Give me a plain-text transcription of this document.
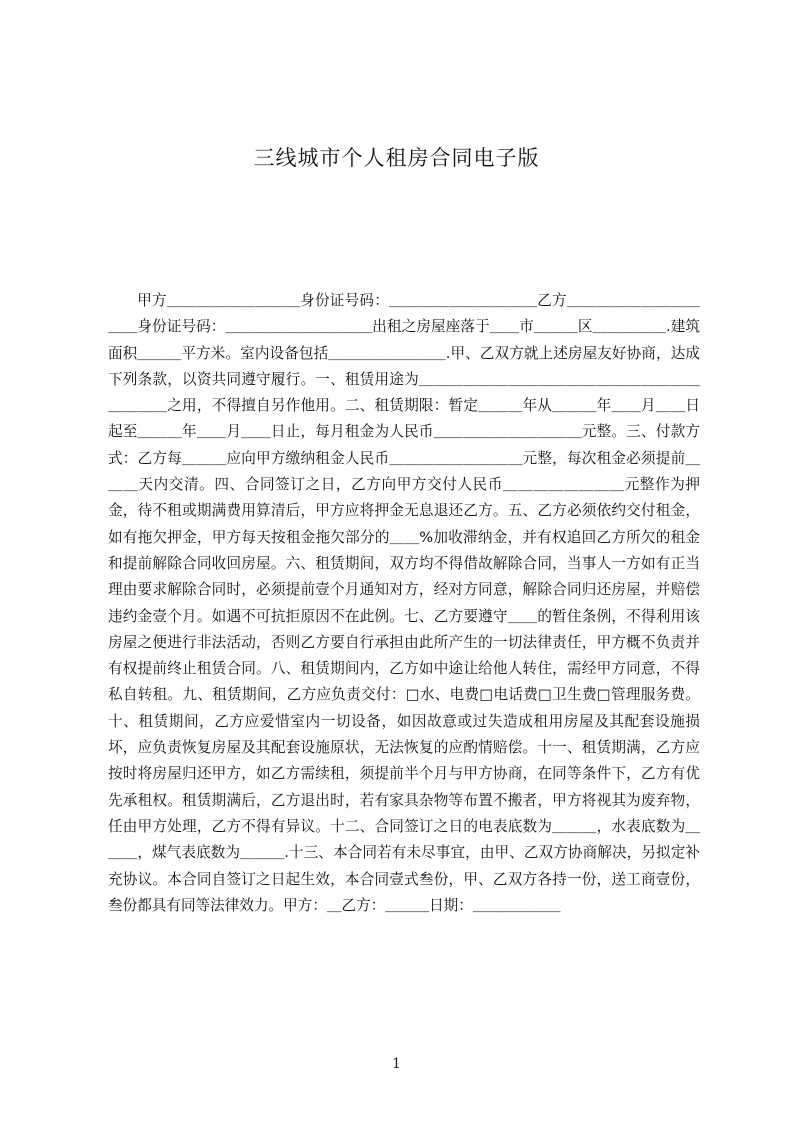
三线城市个人租房合同电子版
甲方＿＿＿＿＿＿＿＿＿身份证号码：＿＿＿＿＿＿＿＿＿＿乙方＿＿＿＿＿＿＿＿＿＿＿身份证号码：＿＿＿＿＿＿＿＿＿＿出租之房屋座落于＿＿市＿＿＿区＿＿＿＿＿.建筑面积＿＿＿平方米。室内设备包括＿＿＿＿＿＿＿＿.甲、乙双方就上述房屋友好协商，达成下列条款，以资共同遵守履行。一、租赁用途为＿＿＿＿＿＿＿＿＿＿＿＿＿＿＿＿＿＿＿＿＿＿＿之用，不得擅自另作他用。二、租赁期限：暂定＿＿＿年从＿＿＿年＿＿月＿＿日起至＿＿＿年＿＿月＿＿日止，每月租金为人民币＿＿＿＿＿＿＿＿＿＿元整。三、付款方式：乙方每＿＿＿应向甲方缴纳租金人民币＿＿＿＿＿＿＿＿＿元整，每次租金必须提前＿＿＿天内交清。四、合同签订之日，乙方向甲方交付人民币＿＿＿＿＿＿＿＿元整作为押金，待不租或期满费用算清后，甲方应将押金无息退还乙方。五、乙方必须依约交付租金，如有拖欠押金，甲方每天按租金拖欠部分的＿＿%加收滞纳金，并有权追回乙方所欠的租金和提前解除合同收回房屋。六、租赁期间，双方均不得借故解除合同，当事人一方如有正当理由要求解除合同时，必须提前壹个月通知对方，经对方同意，解除合同归还房屋，并赔偿违约金壹个月。如遇不可抗拒原因不在此例。七、乙方要遵守＿＿的暂住条例，不得利用该房屋之便进行非法活动，否则乙方要自行承担由此所产生的一切法律责任，甲方概不负责并有权提前终止租赁合同。八、租赁期间内，乙方如中途让给他人转住，需经甲方同意，不得私自转租。九、租赁期间，乙方应负责交付：□水、电费□电话费□卫生费□管理服务费。十、租赁期间，乙方应爱惜室内一切设备，如因故意或过失造成租用房屋及其配套设施损坏，应负责恢复房屋及其配套设施原状，无法恢复的应酌情赔偿。十一、租赁期满，乙方应按时将房屋归还甲方，如乙方需续租，须提前半个月与甲方协商，在同等条件下，乙方有优先承租权。租赁期满后，乙方退出时，若有家具杂物等布置不搬者，甲方将视其为废弃物，任由甲方处理，乙方不得有异议。十二、合同签订之日的电表底数为＿＿＿，水表底数为＿＿＿，煤气表底数为＿＿＿.十三、本合同若有未尽事宜，由甲、乙双方协商解决，另拟定补充协议。本合同自签订之日起生效，本合同壹式叁份，甲、乙双方各持一份，送工商壹份，叁份都具有同等法律效力。甲方：＿乙方：＿＿＿日期：＿＿＿＿＿＿
1
